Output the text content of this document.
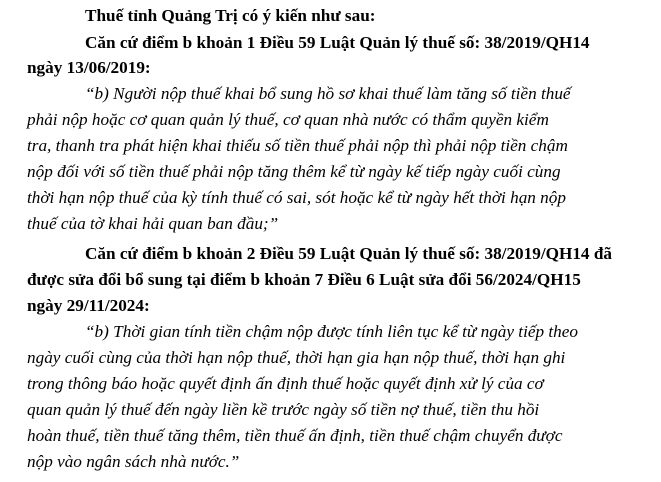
Thuế tỉnh Quảng Trị có ý kiến như sau:
Căn cứ điểm b khoản 1 Điều 59 Luật Quản lý thuế số: 38/2019/QH14
ngày 13/06/2019:
“b) Người nộp thuế khai bổ sung hồ sơ khai thuế làm tăng số tiền thuế
phải nộp hoặc cơ quan quản lý thuế, cơ quan nhà nước có thẩm quyền kiểm
tra, thanh tra phát hiện khai thiếu số tiền thuế phải nộp thì phải nộp tiền chậm
nộp đối với số tiền thuế phải nộp tăng thêm kể từ ngày kế tiếp ngày cuối cùng
thời hạn nộp thuế của kỳ tính thuế có sai, sót hoặc kể từ ngày hết thời hạn nộp
thuế của tờ khai hải quan ban đầu;”
Căn cứ điểm b khoản 2 Điều 59 Luật Quản lý thuế số: 38/2019/QH14 đã
được sửa đổi bổ sung tại điểm b khoản 7 Điều 6 Luật sửa đổi 56/2024/QH15
ngày 29/11/2024:
“b) Thời gian tính tiền chậm nộp được tính liên tục kể từ ngày tiếp theo
ngày cuối cùng của thời hạn nộp thuế, thời hạn gia hạn nộp thuế, thời hạn ghi
trong thông báo hoặc quyết định ấn định thuế hoặc quyết định xử lý của cơ
quan quản lý thuế đến ngày liền kề trước ngày số tiền nợ thuế, tiền thu hồi
hoàn thuế, tiền thuế tăng thêm, tiền thuế ấn định, tiền thuế chậm chuyển được
nộp vào ngân sách nhà nước.”
